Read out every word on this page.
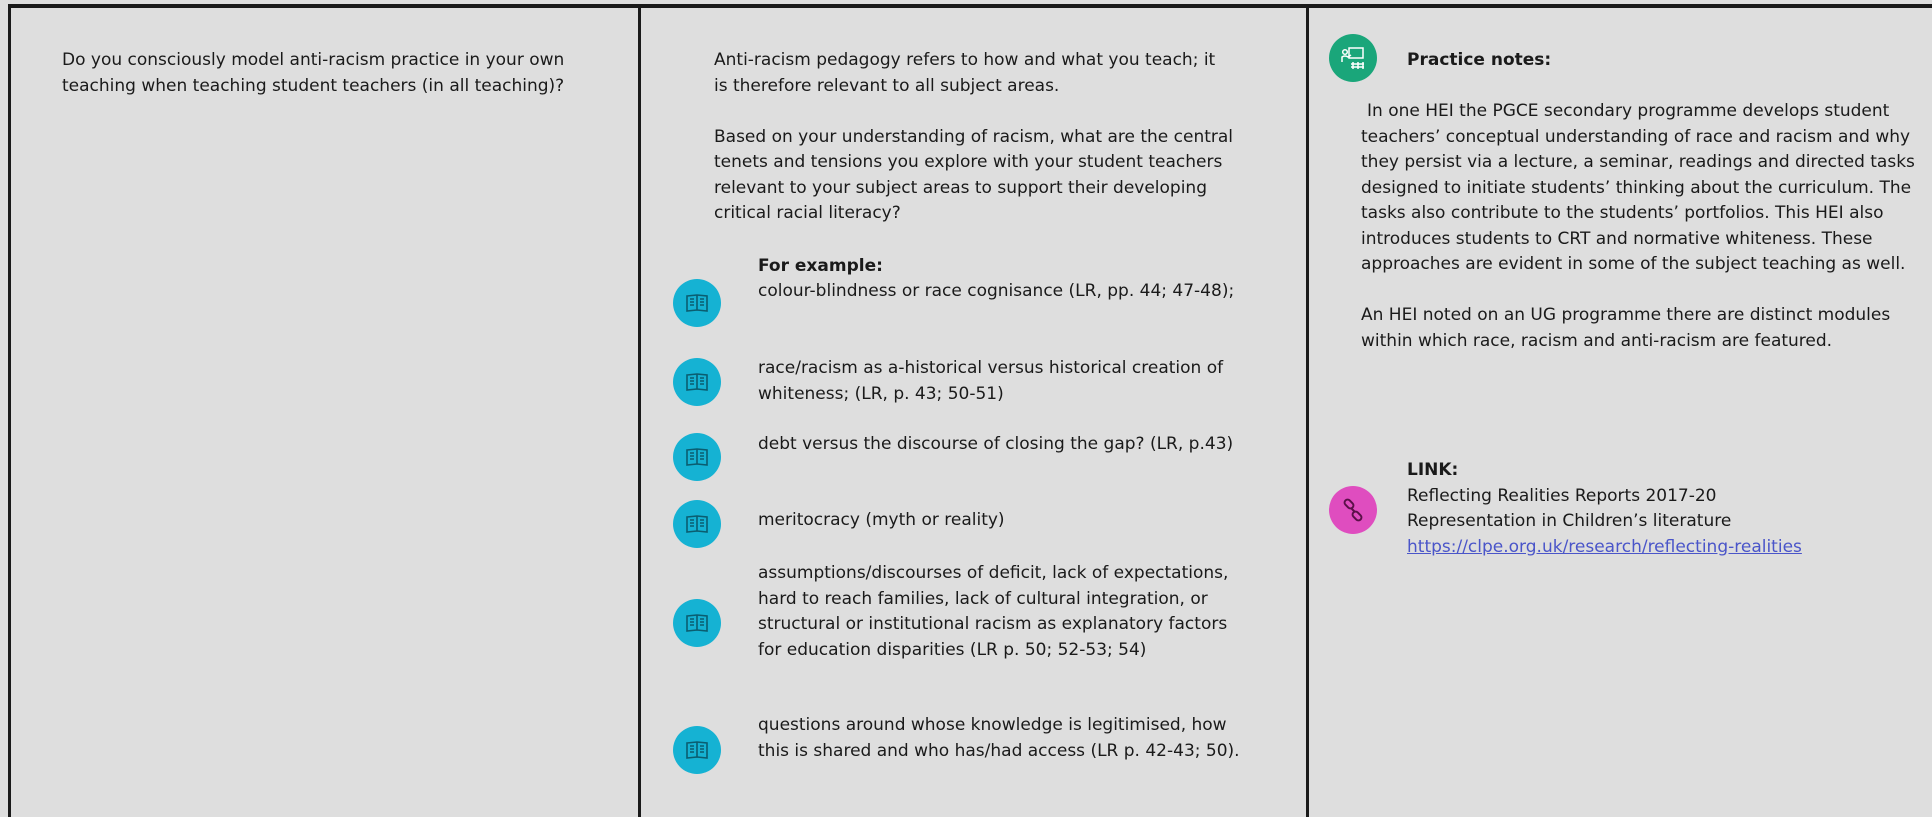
Do you consciously model anti-racism practice in your own teaching when teaching student teachers (in all teaching)?

Anti-racism pedagogy refers to how and what you teach; it is therefore relevant to all subject areas.

Based on your understanding of racism, what are the central tenets and tensions you explore with your student teachers relevant to your subject areas to support their developing critical racial literacy?

For example:

colour-blindness or race cognisance (LR, pp. 44; 47-48);

race/racism as a-historical versus historical creation of whiteness; (LR, p. 43; 50-51)

debt versus the discourse of closing the gap? (LR, p.43)

meritocracy (myth or reality)

assumptions/discourses of deficit, lack of expectations, hard to reach families, lack of cultural integration, or structural or institutional racism as explanatory factors for education disparities (LR p. 50; 52-53; 54)

questions around whose knowledge is legitimised, how this is shared and who has/had access (LR p. 42-43; 50).

Practice notes:

In one HEI the PGCE secondary programme develops student teachers’ conceptual understanding of race and racism and why they persist via a lecture, a seminar, readings and directed tasks designed to initiate students’ thinking about the curriculum. The tasks also contribute to the students’ portfolios. This HEI also introduces students to CRT and normative whiteness. These approaches are evident in some of the subject teaching as well.

An HEI noted on an UG programme there are distinct modules within which race, racism and anti-racism are featured.

LINK:
Reflecting Realities Reports 2017-20
Representation in Children’s literature
https://clpe.org.uk/research/reflecting-realities
